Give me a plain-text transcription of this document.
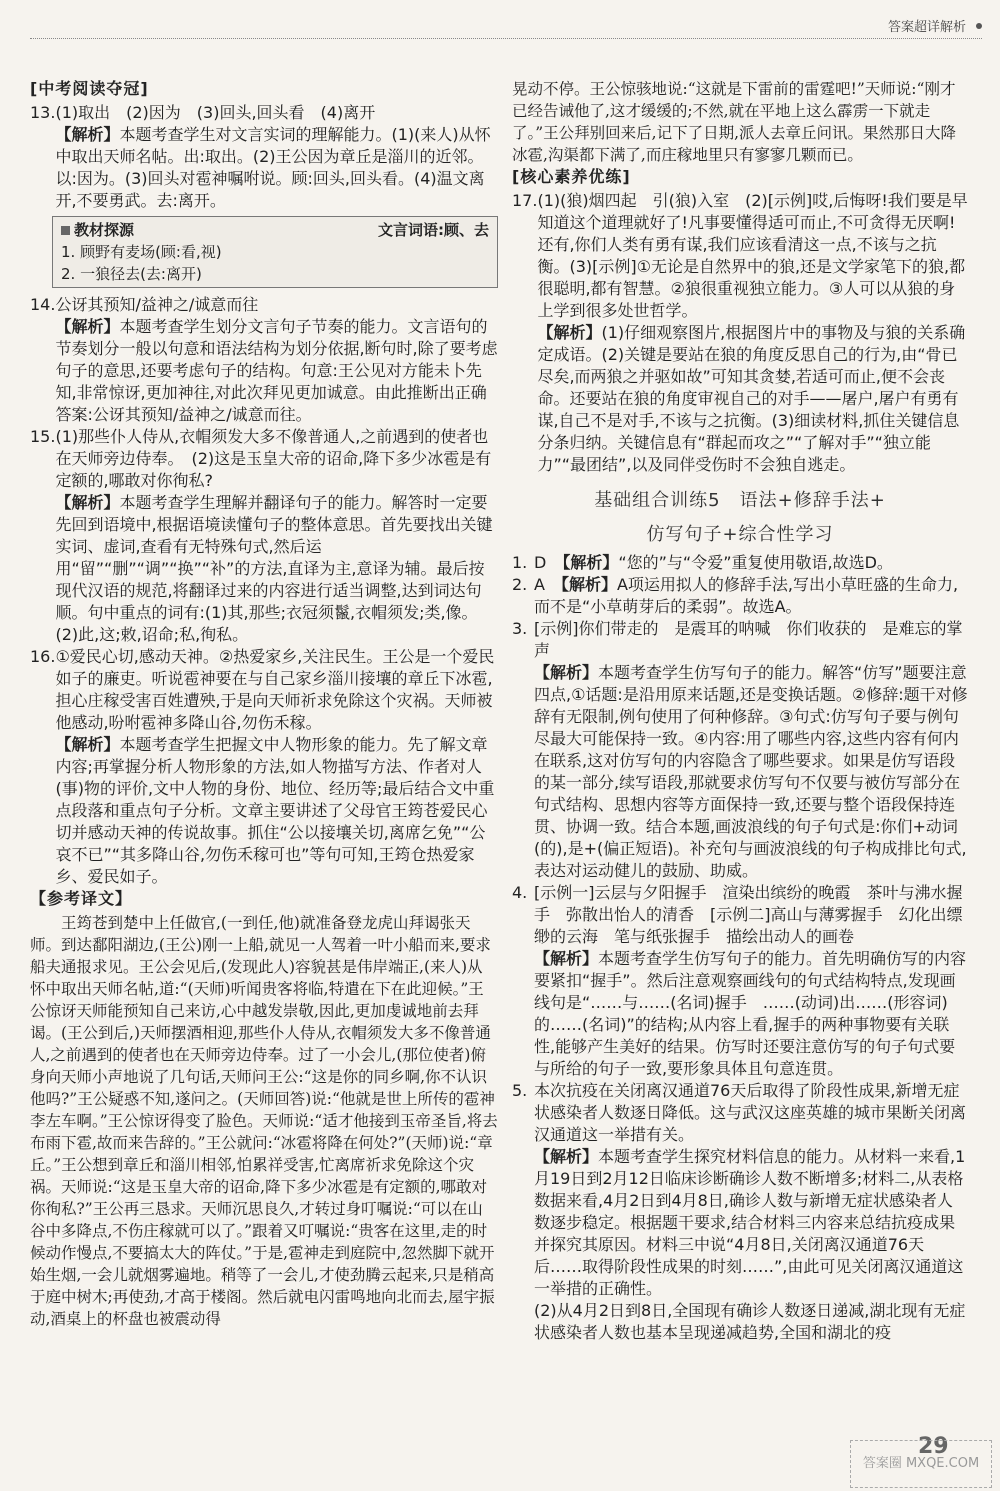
答案超详解析
[中考阅读夺冠]
13. (1)取出　(2)因为　(3)回头,回头看　(4)离开
【解析】本题考查学生对文言实词的理解能力。(1)(来人)从怀中取出天师名帖。出:取出。(2)王公因为章丘是淄川的近邻。以:因为。(3)回头对雹神嘱咐说。顾:回头,回头看。(4)温文离开,不要勇武。去:离开。
教材探源	文言词语:顾、去
1. 顾野有麦场(顾:看,视)
2. 一狼径去(去:离开)
14. 公讶其预知/益神之/诚意而往
【解析】本题考查学生划分文言句子节奏的能力。文言语句的节奏划分一般以句意和语法结构为划分依据,断句时,除了要考虑句子的意思,还要考虑句子的结构。句意:王公见对方能未卜先知,非常惊讶,更加神往,对此次拜见更加诚意。由此推断出正确答案:公讶其预知/益神之/诚意而往。
15. (1)那些仆人侍从,衣帽须发大多不像普通人,之前遇到的使者也在天师旁边侍奉。　(2)这是玉皇大帝的诏命,降下多少冰雹是有定额的,哪敢对你徇私?
【解析】本题考查学生理解并翻译句子的能力。解答时一定要先回到语境中,根据语境读懂句子的整体意思。首先要找出关键实词、虚词,查看有无特殊句式,然后运用“留”“删”“调”“换”“补”的方法,直译为主,意译为辅。最后按现代汉语的规范,将翻译过来的内容进行适当调整,达到词达句顺。句中重点的词有:(1)其,那些;衣冠须鬣,衣帽须发;类,像。(2)此,这;敕,诏命;私,徇私。
16. ①爱民心切,感动天神。②热爱家乡,关注民生。王公是一个爱民如子的廉吏。听说雹神要在与自己家乡淄川接壤的章丘下冰雹,担心庄稼受害百姓遭殃,于是向天师祈求免除这个灾祸。天师被他感动,吩咐雹神多降山谷,勿伤禾稼。
【解析】本题考查学生把握文中人物形象的能力。先了解文章内容;再掌握分析人物形象的方法,如人物描写方法、作者对人(事)物的评价,文中人物的身份、地位、经历等;最后结合文中重点段落和重点句子分析。文章主要讲述了父母官王筠苍爱民心切并感动天神的传说故事。抓住“公以接壤关切,离席乞免”“公哀不已”“其多降山谷,勿伤禾稼可也”等句可知,王筠仓热爱家乡、爱民如子。
【参考译文】
王筠苍到楚中上任做官,(一到任,他)就准备登龙虎山拜谒张天师。到达鄱阳湖边,(王公)刚一上船,就见一人驾着一叶小船而来,要求船夫通报求见。王公会见后,(发现此人)容貌甚是伟岸端正,(来人)从怀中取出天师名帖,道:“(天师)听闻贵客将临,特遣在下在此迎候。”王公惊讶天师能预知自己来访,心中越发崇敬,因此,更加虔诚地前去拜谒。(王公到后,)天师摆酒相迎,那些仆人侍从,衣帽须发大多不像普通人,之前遇到的使者也在天师旁边侍奉。过了一小会儿,(那位使者)俯身向天师小声地说了几句话,天师问王公:“这是你的同乡啊,你不认识他吗?”王公疑惑不知,遂问之。(天师回答)说:“他就是世上所传的雹神李左车啊。”王公惊讶得变了脸色。天师说:“适才他接到玉帝圣旨,将去布雨下雹,故而来告辞的。”王公就问:“冰雹将降在何处?”(天师)说:“章丘。”王公想到章丘和淄川相邻,怕累祥受害,忙离席祈求免除这个灾祸。天师说:“这是玉皇大帝的诏命,降下多少冰雹是有定额的,哪敢对你徇私?”王公再三恳求。天师沉思良久,才转过身叮嘱说:“可以在山谷中多降点,不伤庄稼就可以了。”跟着又叮嘱说:“贵客在这里,走的时候动作慢点,不要搞太大的阵仗。”于是,雹神走到庭院中,忽然脚下就开始生烟,一会儿就烟雾遍地。稍等了一会儿,才使劲腾云起来,只是稍高于庭中树木;再使劲,才高于楼阁。然后就电闪雷鸣地向北而去,屋宇振动,酒桌上的杯盘也被震动得
晃动不停。王公惊骇地说:“这就是下雷前的雷霆吧!”天师说:“刚才已经告诫他了,这才缓缓的;不然,就在平地上这么霹雳一下就走了。”王公拜别回来后,记下了日期,派人去章丘问讯。果然那日大降冰雹,沟渠都下满了,而庄稼地里只有寥寥几颗而已。
[核心素养优练]
17. (1)(狼)烟四起　引(狼)入室　(2)[示例]哎,后悔呀!我们要是早知道这个道理就好了!凡事要懂得适可而止,不可贪得无厌啊!还有,你们人类有勇有谋,我们应该看清这一点,不该与之抗衡。(3)[示例]①无论是自然界中的狼,还是文学家笔下的狼,都很聪明,都有智慧。②狼很重视独立能力。③人可以从狼的身上学到很多处世哲学。
【解析】(1)仔细观察图片,根据图片中的事物及与狼的关系确定成语。(2)关键是要站在狼的角度反思自己的行为,由“骨已尽矣,而两狼之并驱如故”可知其贪婪,若适可而止,便不会丧命。还要站在狼的角度审视自己的对手——屠户,屠户有勇有谋,自己不是对手,不该与之抗衡。(3)细读材料,抓住关键信息分条归纳。关键信息有“群起而攻之”“了解对手”“独立能力”“最团结”,以及同伴受伤时不会独自逃走。
基础组合训练5　语法+修辞手法+
仿写句子+综合性学习
1. D　【解析】“您的”与“令爱”重复使用敬语,故选D。
2. A　【解析】A项运用拟人的修辞手法,写出小草旺盛的生命力,而不是“小草萌芽后的柔弱”。故选A。
3. [示例]你们带走的　是震耳的呐喊　你们收获的　是难忘的掌声
【解析】本题考查学生仿写句子的能力。解答“仿写”题要注意四点,①话题:是沿用原来话题,还是变换话题。②修辞:题干对修辞有无限制,例句使用了何种修辞。③句式:仿写句子要与例句尽最大可能保持一致。④内容:用了哪些内容,这些内容有何内在联系,这对仿写句的内容隐含了哪些要求。如果是仿写语段的某一部分,续写语段,那就要求仿写句不仅要与被仿写部分在句式结构、思想内容等方面保持一致,还要与整个语段保持连贯、协调一致。结合本题,画波浪线的句子句式是:你们+动词(的),是+(偏正短语)。补充句与画波浪线的句子构成排比句式,表达对运动健儿的鼓励、助威。
4. [示例一]云层与夕阳握手　渲染出缤纷的晚霞　茶叶与沸水握手　弥散出怡人的清香　[示例二]高山与薄雾握手　幻化出缥缈的云海　笔与纸张握手　描绘出动人的画卷
【解析】本题考查学生仿写句子的能力。首先明确仿写的内容要紧扣“握手”。然后注意观察画线句的句式结构特点,发现画线句是“……与……(名词)握手　……(动词)出……(形容词)的……(名词)”的结构;从内容上看,握手的两种事物要有关联性,能够产生美好的结果。仿写时还要注意仿写的句子句式要与所给的句子一致,要形象具体且句意连贯。
5. 本次抗疫在关闭离汉通道76天后取得了阶段性成果,新增无症状感染者人数逐日降低。这与武汉这座英雄的城市果断关闭离汉通道这一举措有关。
【解析】本题考查学生探究材料信息的能力。从材料一来看,1月19日到2月12日临床诊断确诊人数不断增多;材料二,从表格数据来看,4月2日到4月8日,确诊人数与新增无症状感染者人数逐步稳定。根据题干要求,结合材料三内容来总结抗疫成果并探究其原因。材料三中说“4月8日,关闭离汉通道76天后……取得阶段性成果的时刻……”,由此可见关闭离汉通道这一举措的正确性。
(2)从4月2日到8日,全国现有确诊人数逐日递减,湖北现有无症状感染者人数也基本呈现递减趋势,全国和湖北的疫
29
答案圈 MXQE.COM
